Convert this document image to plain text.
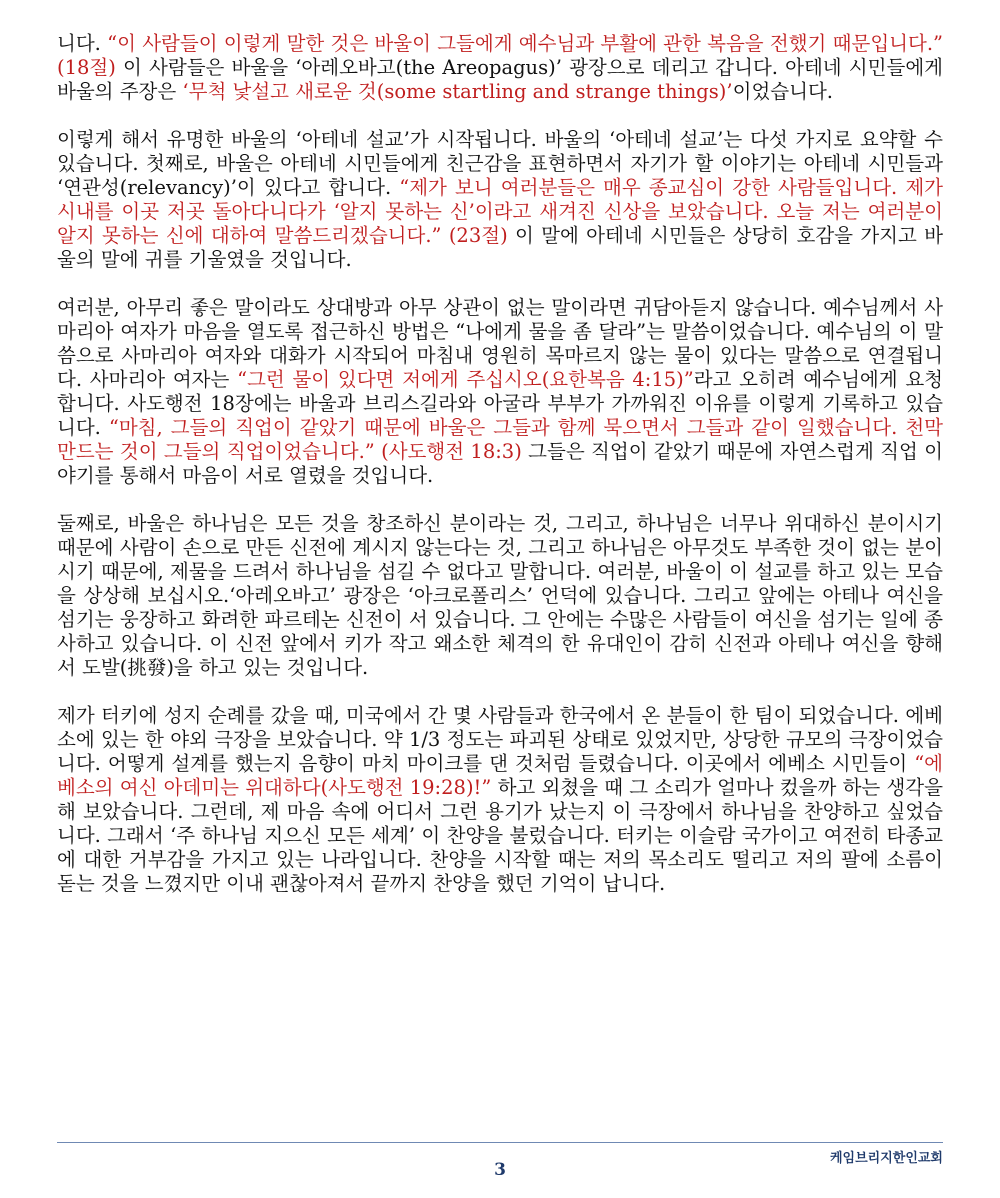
니다. “이 사람들이 이렇게 말한 것은 바울이 그들에게 예수님과 부활에 관한 복음을 전했기 때문입니다.” (18절) 이 사람들은 바울을 ‘아레오바고(the Areopagus)’ 광장으로 데리고 갑니다. 아테네 시민들에게 바울의 주장은 ‘무척 낯설고 새로운 것(some startling and strange things)’이었습니다.

이렇게 해서 유명한 바울의 ‘아테네 설교’가 시작됩니다. 바울의 ‘아테네 설교’는 다섯 가지로 요약할 수 있습니다. 첫째로, 바울은 아테네 시민들에게 친근감을 표현하면서 자기가 할 이야기는 아테네 시민들과 ‘연관성(relevancy)’이 있다고 합니다. “제가 보니 여러분들은 매우 종교심이 강한 사람들입니다. 제가 시내를 이곳 저곳 돌아다니다가 ‘알지 못하는 신’이라고 새겨진 신상을 보았습니다. 오늘 저는 여러분이 알지 못하는 신에 대하여 말씀드리겠습니다.” (23절) 이 말에 아테네 시민들은 상당히 호감을 가지고 바울의 말에 귀를 기울였을 것입니다.

여러분, 아무리 좋은 말이라도 상대방과 아무 상관이 없는 말이라면 귀담아듣지 않습니다. 예수님께서 사마리아 여자가 마음을 열도록 접근하신 방법은 “나에게 물을 좀 달라”는 말씀이었습니다. 예수님의 이 말씀으로 사마리아 여자와 대화가 시작되어 마침내 영원히 목마르지 않는 물이 있다는 말씀으로 연결됩니다. 사마리아 여자는 “그런 물이 있다면 저에게 주십시오(요한복음 4:15)”라고 오히려 예수님에게 요청합니다. 사도행전 18장에는 바울과 브리스길라와 아굴라 부부가 가까워진 이유를 이렇게 기록하고 있습니다. “마침, 그들의 직업이 같았기 때문에 바울은 그들과 함께 묵으면서 그들과 같이 일했습니다. 천막 만드는 것이 그들의 직업이었습니다.” (사도행전 18:3) 그들은 직업이 같았기 때문에 자연스럽게 직업 이야기를 통해서 마음이 서로 열렸을 것입니다.

둘째로, 바울은 하나님은 모든 것을 창조하신 분이라는 것, 그리고, 하나님은 너무나 위대하신 분이시기 때문에 사람이 손으로 만든 신전에 계시지 않는다는 것, 그리고 하나님은 아무것도 부족한 것이 없는 분이시기 때문에, 제물을 드려서 하나님을 섬길 수 없다고 말합니다. 여러분, 바울이 이 설교를 하고 있는 모습을 상상해 보십시오.‘아레오바고’ 광장은 ‘아크로폴리스’ 언덕에 있습니다. 그리고 앞에는 아테나 여신을 섬기는 웅장하고 화려한 파르테논 신전이 서 있습니다. 그 안에는 수많은 사람들이 여신을 섬기는 일에 종사하고 있습니다. 이 신전 앞에서 키가 작고 왜소한 체격의 한 유대인이 감히 신전과 아테나 여신을 향해서 도발(挑發)을 하고 있는 것입니다.

제가 터키에 성지 순례를 갔을 때, 미국에서 간 몇 사람들과 한국에서 온 분들이 한 팀이 되었습니다. 에베소에 있는 한 야외 극장을 보았습니다. 약 1/3 정도는 파괴된 상태로 있었지만, 상당한 규모의 극장이었습니다. 어떻게 설계를 했는지 음향이 마치 마이크를 댄 것처럼 들렸습니다. 이곳에서 에베소 시민들이 “에베소의 여신 아데미는 위대하다(사도행전 19:28)!” 하고 외쳤을 때 그 소리가 얼마나 컸을까 하는 생각을 해 보았습니다. 그런데, 제 마음 속에 어디서 그런 용기가 났는지 이 극장에서 하나님을 찬양하고 싶었습니다. 그래서 ‘주 하나님 지으신 모든 세계’ 이 찬양을 불렀습니다. 터키는 이슬람 국가이고 여전히 타종교에 대한 거부감을 가지고 있는 나라입니다. 찬양을 시작할 때는 저의 목소리도 떨리고 저의 팔에 소름이 돋는 것을 느꼈지만 이내 괜찮아져서 끝까지 찬양을 했던 기억이 납니다.

케임브리지한인교회
3
